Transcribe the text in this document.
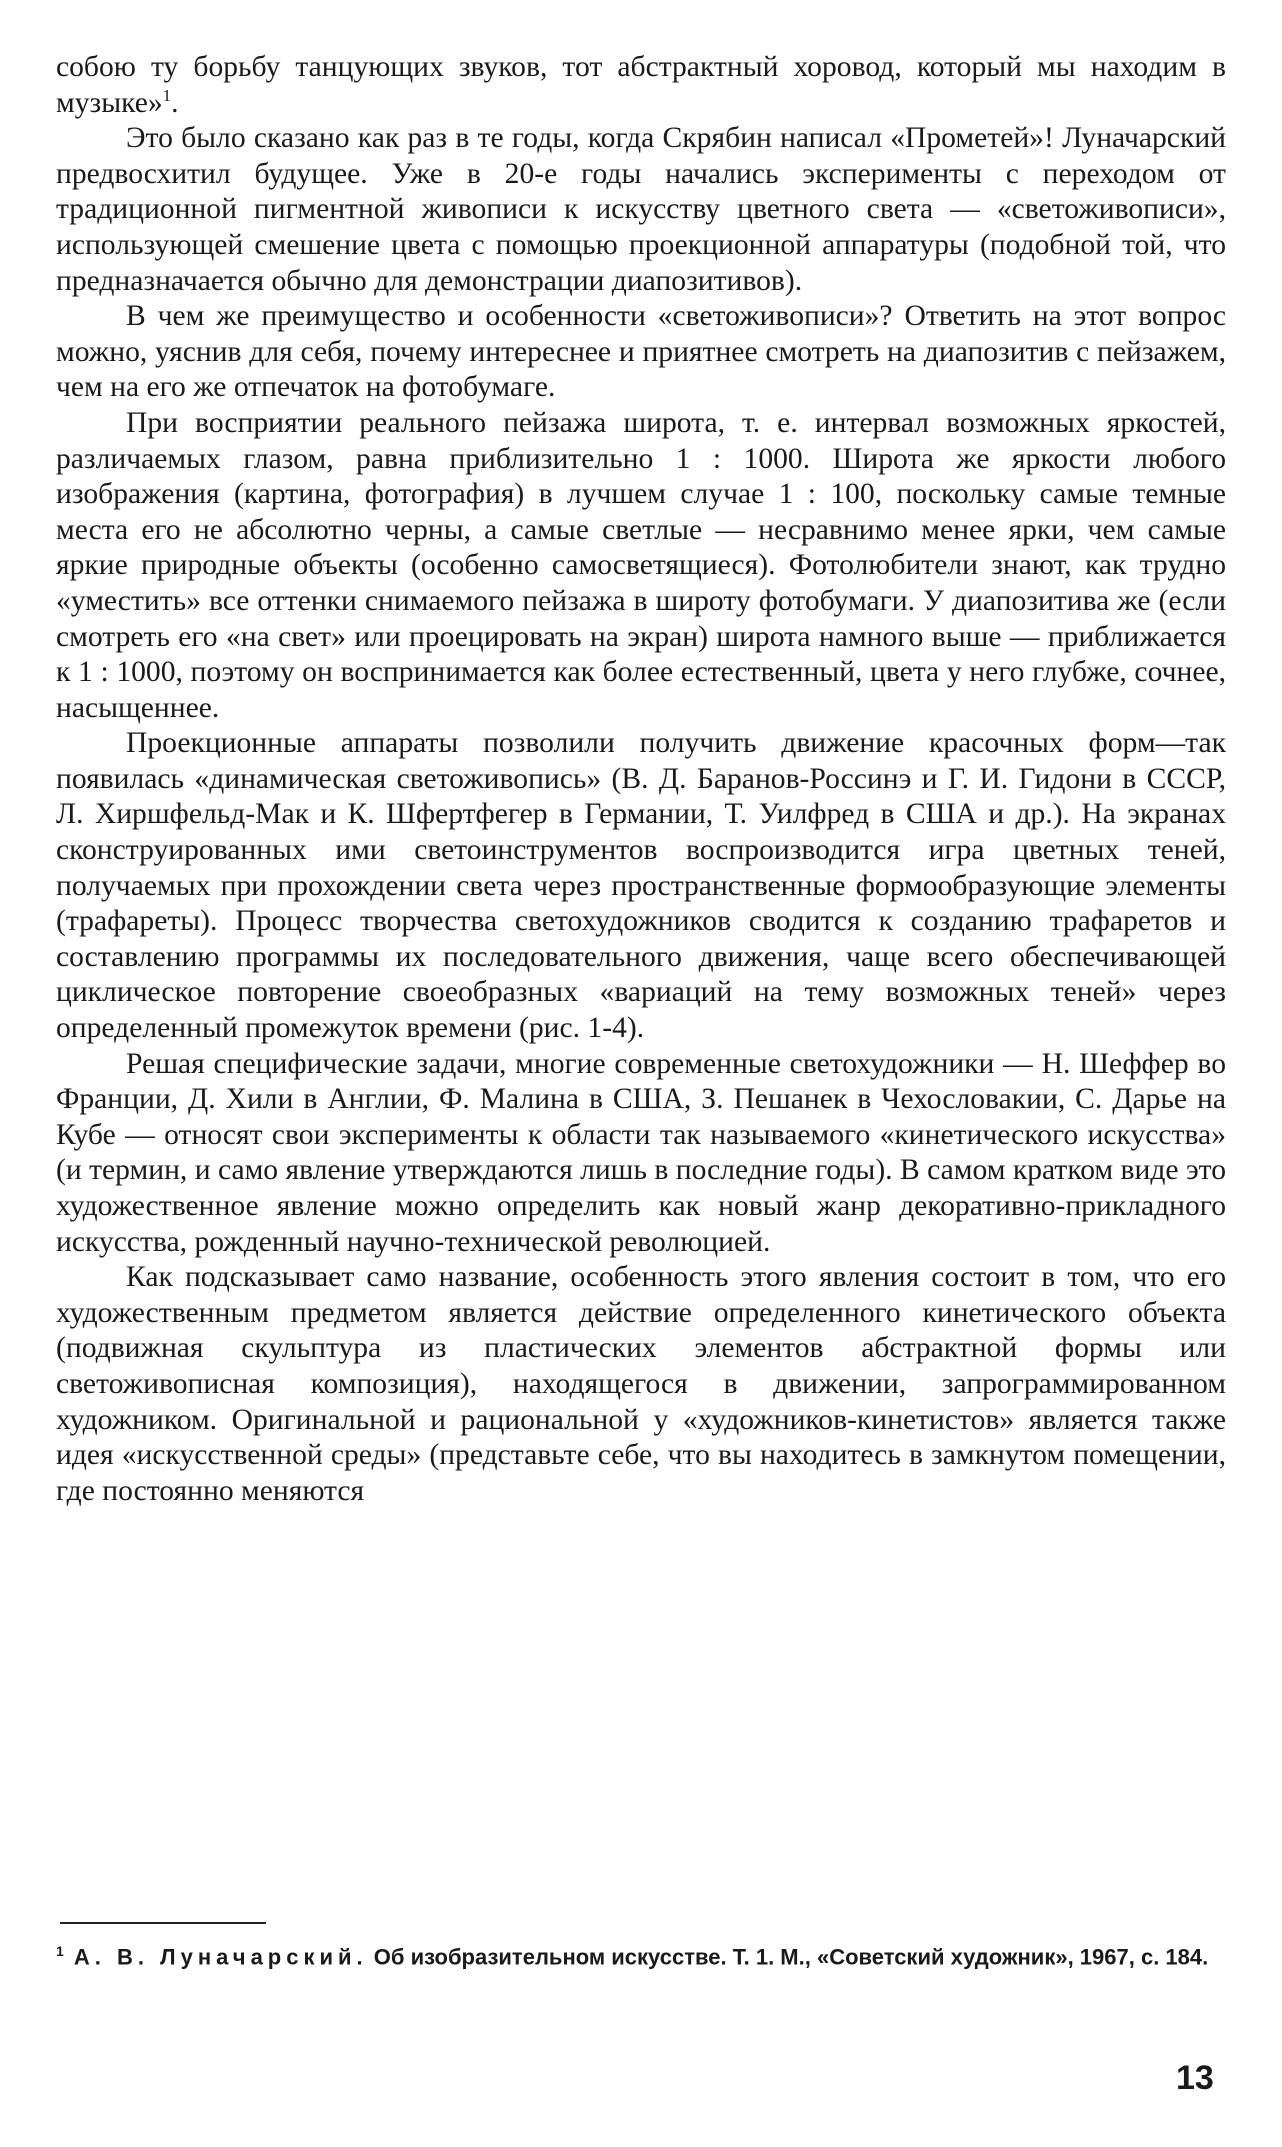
собою ту борьбу танцующих звуков, тот абстрактный хоровод, который мы находим в музыке»$^1$.

Это было сказано как раз в те годы, когда Скрябин написал «Прометей»! Луначарский предвосхитил будущее. Уже в 20-е годы начались эксперименты с переходом от традиционной пигментной живописи к искусству цветного света — «светоживописи», использующей смешение цвета с помощью проекционной аппаратуры (подобной той, что предназначается обычно для демонстрации диапозитивов).

В чем же преимущество и особенности «светоживописи»? Ответить на этот вопрос можно, уяснив для себя, почему интереснее и приятнее смотреть на диапозитив с пейзажем, чем на его же отпечаток на фотобумаге.

При восприятии реального пейзажа широта, т. е. интервал возможных яркостей, различаемых глазом, равна приблизительно 1 : 1000. Широта же яркости любого изображения (картина, фотография) в лучшем случае 1 : 100, поскольку самые темные места его не абсолютно черны, а самые светлые — несравнимо менее ярки, чем самые яркие природные объекты (особенно самосветящиеся). Фотолюбители знают, как трудно «уместить» все оттенки снимаемого пейзажа в широту фотобумаги. У диапозитива же (если смотреть его «на свет» или проецировать на экран) широта намного выше — приближается к 1 : 1000, поэтому он воспринимается как более естественный, цвета у него глубже, сочнее, насыщеннее.

Проекционные аппараты позволили получить движение красочных форм—так появилась «динамическая светоживопись» (В. Д. Баранов-Россинэ и Г. И. Гидони в СССР, Л. Хиршфельд-Мак и К. Шфертфегер в Германии, Т. Уилфред в США и др.). На экранах сконструированных ими светоинструментов воспроизводится игра цветных теней, получаемых при прохождении света через пространственные формообразующие элементы (трафареты). Процесс творчества светохудожников сводится к созданию трафаретов и составлению программы их последовательного движения, чаще всего обеспечивающей циклическое повторение своеобразных «вариаций на тему возможных теней» через определенный промежуток времени (рис. 1-4).

Решая специфические задачи, многие современные светохудожники — Н. Шеффер во Франции, Д. Хили в Англии, Ф. Малина в США, З. Пешанек в Чехословакии, С. Дарье на Кубе — относят свои эксперименты к области так называемого «кинетического искусства» (и термин, и само явление утверждаются лишь в последние годы). В самом кратком виде это художественное явление можно определить как новый жанр декоративно-прикладного искусства, рожденный научно-технической революцией.

Как подсказывает само название, особенность этого явления состоит в том, что его художественным предметом является действие определенного кинетического объекта (подвижная скульптура из пластических элементов абстрактной формы или светоживописная композиция), находящегося в движении, запрограммированном художником. Оригинальной и рациональной у «художников-кинетистов» является также идея «искусственной среды» (представьте себе, что вы находитесь в замкнутом помещении, где постоянно меняются

$^1$ А. В. Луначарский. Об изобразительном искусстве. Т. 1. М., «Советский художник», 1967, с. 184.
13
